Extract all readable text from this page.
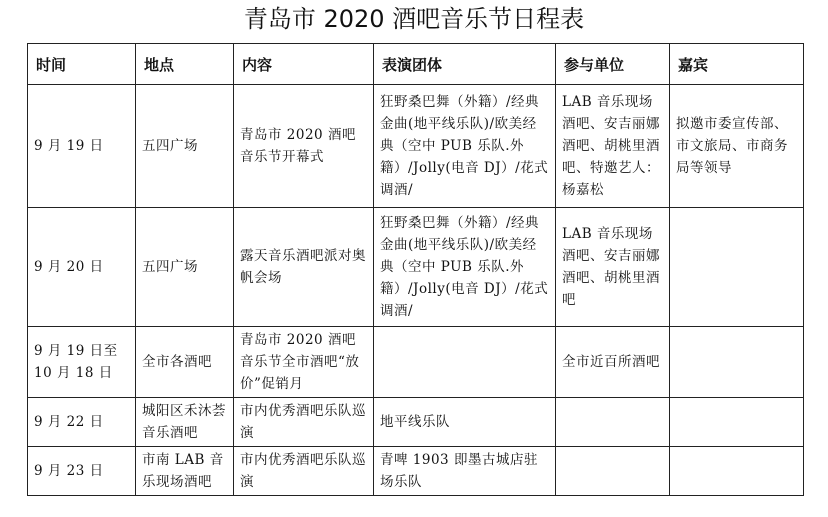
青岛市 2020 酒吧音乐节日程表
时间	地点	内容	表演团体	参与单位	嘉宾
9 月 19 日	五四广场	青岛市 2020 酒吧音乐节开幕式	狂野桑巴舞（外籍）/经典金曲(地平线乐队)/欧美经典（空中 PUB 乐队.外籍）/Jolly(电音 DJ）/花式调酒/	LAB 音乐现场酒吧、安吉丽娜酒吧、胡桃里酒吧、特邀艺人：杨嘉松	拟邀市委宣传部、市文旅局、市商务局等领导
9 月 20 日	五四广场	露天音乐酒吧派对奥帆会场	狂野桑巴舞（外籍）/经典金曲(地平线乐队)/欧美经典（空中 PUB 乐队.外籍）/Jolly(电音 DJ）/花式调酒/	LAB 音乐现场酒吧、安吉丽娜酒吧、胡桃里酒吧	
9 月 19 日至 10 月 18 日	全市各酒吧	青岛市 2020 酒吧音乐节全市酒吧“放价”促销月		全市近百所酒吧	
9 月 22 日	城阳区禾沐荟音乐酒吧	市内优秀酒吧乐队巡演	地平线乐队		
9 月 23 日	市南 LAB 音乐现场酒吧	市内优秀酒吧乐队巡演	青啤 1903 即墨古城店驻场乐队		
